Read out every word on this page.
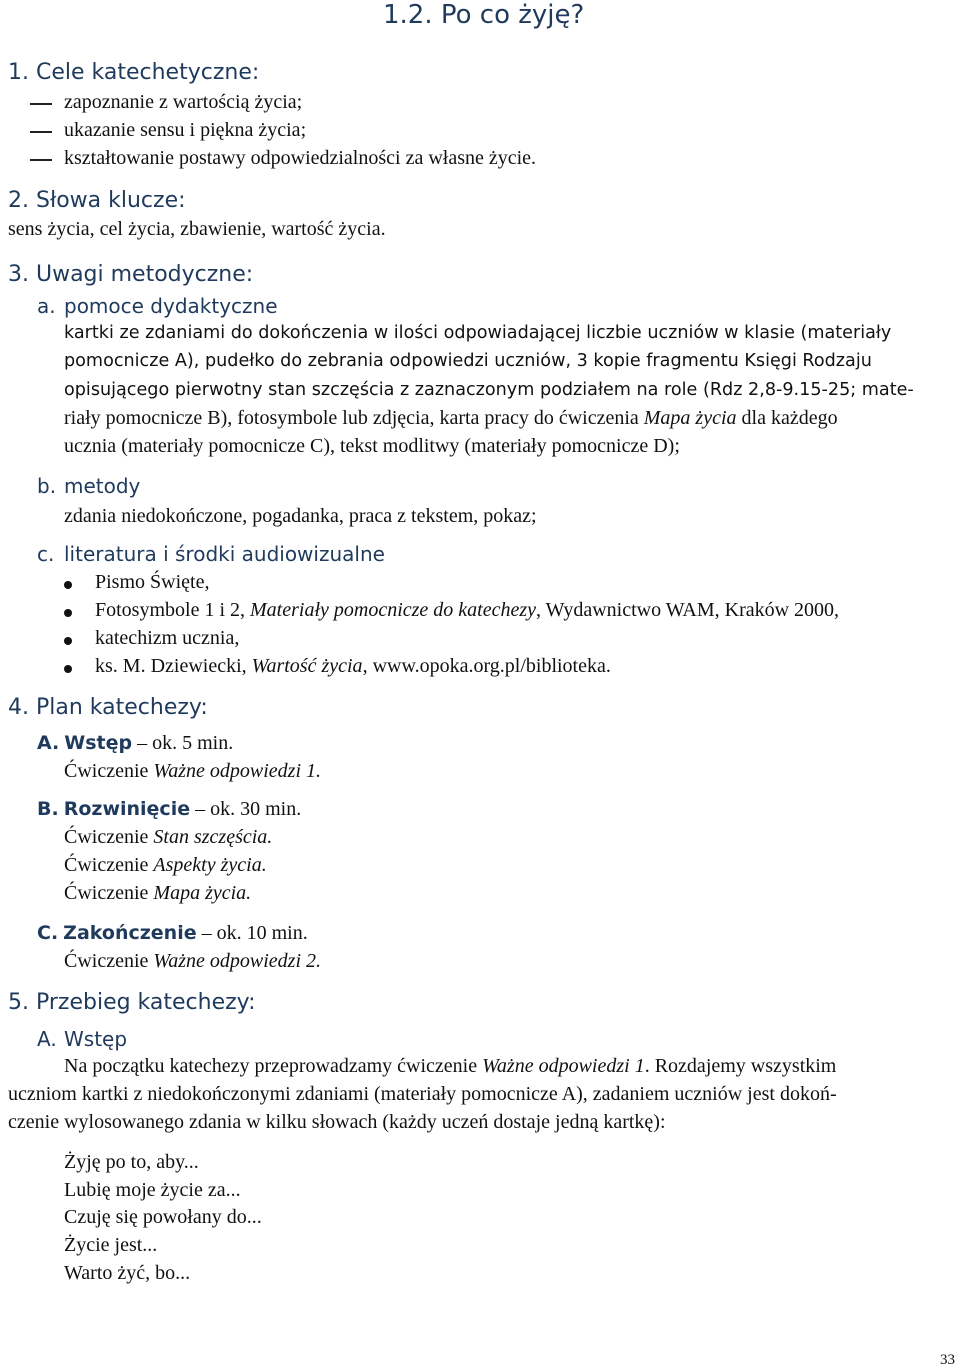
1.2. Po co żyję?
1. Cele katechetyczne:
zapoznanie z wartością życia;
ukazanie sensu i piękna życia;
kształtowanie postawy odpowiedzialności za własne życie.
2. Słowa klucze:
sens życia, cel życia, zbawienie, wartość życia.
3. Uwagi metodyczne:
a. pomoce dydaktyczne
kartki ze zdaniami do dokończenia w ilości odpowiadającej liczbie uczniów w klasie (materiały
pomocnicze A), pudełko do zebrania odpowiedzi uczniów, 3 kopie fragmentu Księgi Rodzaju
opisującego pierwotny stan szczęścia z zaznaczonym podziałem na role (Rdz 2,8-9.15-25; mate-
riały pomocnicze B), fotosymbole lub zdjęcia, karta pracy do ćwiczenia Mapa życia dla każdego
ucznia (materiały pomocnicze C), tekst modlitwy (materiały pomocnicze D);
b. metody
zdania niedokończone, pogadanka, praca z tekstem, pokaz;
c. literatura i środki audiowizualne
Pismo Święte,
Fotosymbole 1 i 2, Materiały pomocnicze do katechezy, Wydawnictwo WAM, Kraków 2000,
katechizm ucznia,
ks. M. Dziewiecki, Wartość życia, www.opoka.org.pl/biblioteka.
4. Plan katechezy:
A. Wstęp – ok. 5 min.
Ćwiczenie Ważne odpowiedzi 1.
B. Rozwinięcie – ok. 30 min.
Ćwiczenie Stan szczęścia.
Ćwiczenie Aspekty życia.
Ćwiczenie Mapa życia.
C. Zakończenie – ok. 10 min.
Ćwiczenie Ważne odpowiedzi 2.
5. Przebieg katechezy:
A. Wstęp
Na początku katechezy przeprowadzamy ćwiczenie Ważne odpowiedzi 1. Rozdajemy wszystkim
uczniom kartki z niedokończonymi zdaniami (materiały pomocnicze A), zadaniem uczniów jest dokoń-
czenie wylosowanego zdania w kilku słowach (każdy uczeń dostaje jedną kartkę):
Żyję po to, aby...
Lubię moje życie za...
Czuję się powołany do...
Życie jest...
Warto żyć, bo...
33
